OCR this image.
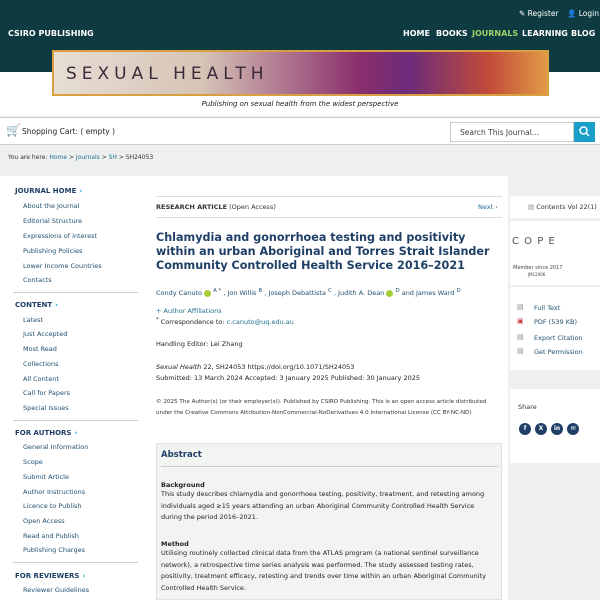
✎ Register 👤 Login
CSIRO PUBLISHING	HOME BOOKS JOURNALS LEARNING BLOG
SEXUAL HEALTH
Publishing on sexual health from the widest perspective
🛒 Shopping Cart: ( empty )	Search This Journal...
You are here: Home > Journals > SH > SH24053
JOURNAL HOME ›
About the Journal
Editorial Structure
Expressions of interest
Publishing Policies
Lower Income Countries
Contacts
CONTENT ›
Latest
Just Accepted
Most Read
Collections
All Content
Call for Papers
Special Issues
FOR AUTHORS ›
General Information
Scope
Submit Article
Author Instructions
Licence to Publish
Open Access
Read and Publish
Publishing Charges
FOR REVIEWERS ›
Reviewer Guidelines
RESEARCH ARTICLE (Open Access)	Next ›
Chlamydia and gonorrhoea testing and positivity within an urban Aboriginal and Torres Strait Islander Community Controlled Health Service 2016–2021
Condy Canuto $^{A *}$ , Jon Willis $^B$ , Joseph Debattista $^C$ , Judith A. Dean $^D$ and James Ward $^D$
+ Author Affiliations
* Correspondence to: c.canuto@uq.edu.au
Handling Editor: Lei Zhang
Sexual Health 22, SH24053 https://doi.org/10.1071/SH24053
Submitted: 13 March 2024 Accepted: 3 January 2025 Published: 30 January 2025
© 2025 The Author(s) (or their employer(s)). Published by CSIRO Publishing. This is an open access article distributed under the Creative Commons Attribution-NonCommercial-NoDerivatives 4.0 International License (CC BY-NC-ND)
Abstract
Background
This study describes chlamydia and gonorrhoea testing, positivity, treatment, and retesting among individuals aged ≥15 years attending an urban Aboriginal Community Controlled Health Service during the period 2016–2021.
Method
Utilising routinely collected clinical data from the ATLAS program (a national sentinel surveillance network), a retrospective time series analysis was performed. The study assessed testing rates, positivity, treatment efficacy, retesting and trends over time within an urban Aboriginal Community Controlled Health Service.
▤ Contents Vol 22(1)
C O P E
Member since 2017
JM12006
▤ Full Text
▣ PDF (539 KB)
▤ Export Citation
▤ Get Permission
Share
f	X	in	✉
